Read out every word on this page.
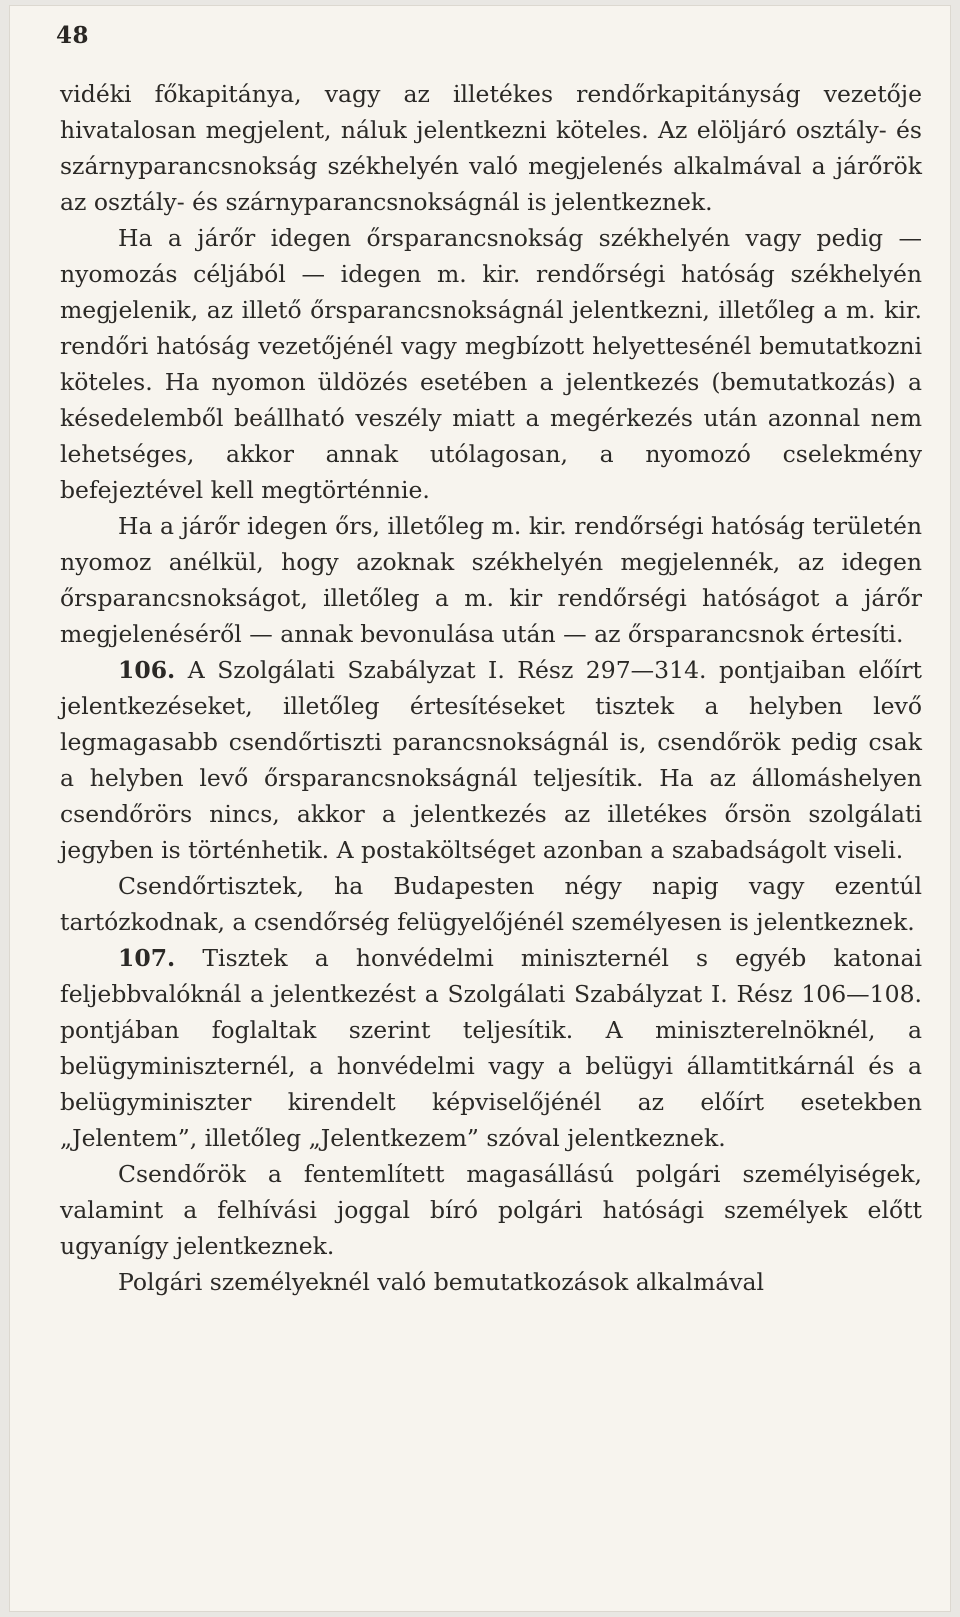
48

vidéki főkapitánya, vagy az illetékes rendőrkapitányság vezetője hivatalosan megjelent, náluk jelentkezni köteles. Az elöljáró osztály- és szárnyparancsnokság székhelyén való megjelenés alkalmával a járőrök az osztály- és szárnyparancsnokságnál is jelentkeznek.

Ha a járőr idegen őrsparancsnokság székhelyén vagy pedig — nyomozás céljából — idegen m. kir. rendőrségi hatóság székhelyén megjelenik, az illető őrsparancsnokságnál jelentkezni, illetőleg a m. kir. rendőri hatóság vezetőjénél vagy megbízott helyettesénél bemutatkozni köteles. Ha nyomon üldözés esetében a jelentkezés (bemutatkozás) a késedelemből beállható veszély miatt a megérkezés után azonnal nem lehetséges, akkor annak utólagosan, a nyomozó cselekmény befejeztével kell megtörténnie.

Ha a járőr idegen őrs, illetőleg m. kir. rendőrségi hatóság területén nyomoz anélkül, hogy azoknak székhelyén megjelennék, az idegen őrsparancsnokságot, illetőleg a m. kir rendőrségi hatóságot a járőr megjelenéséről — annak bevonulása után — az őrsparancsnok értesíti.

106. A Szolgálati Szabályzat I. Rész 297—314. pontjaiban előírt jelentkezéseket, illetőleg értesítéseket tisztek a helyben levő legmagasabb csendőrtiszti parancsnokságnál is, csendőrök pedig csak a helyben levő őrsparancsnokságnál teljesítik. Ha az állomáshelyen csendőrörs nincs, akkor a jelentkezés az illetékes őrsön szolgálati jegyben is történhetik. A postaköltséget azonban a szabadságolt viseli.

Csendőrtisztek, ha Budapesten négy napig vagy ezentúl tartózkodnak, a csendőrség felügyelőjénél személyesen is jelentkeznek.

107. Tisztek a honvédelmi miniszternél s egyéb katonai feljebbvalóknál a jelentkezést a Szolgálati Szabályzat I. Rész 106—108. pontjában foglaltak szerint teljesítik. A miniszterelnöknél, a belügyminiszternél, a honvédelmi vagy a belügyi államtitkárnál és a belügyminiszter kirendelt képviselőjénél az előírt esetekben „Jelentem”, illetőleg „Jelentkezem” szóval jelentkeznek.

Csendőrök a fentemlített magasállású polgári személyiségek, valamint a felhívási joggal bíró polgári hatósági személyek előtt ugyanígy jelentkeznek.

Polgári személyeknél való bemutatkozások alkalmával
